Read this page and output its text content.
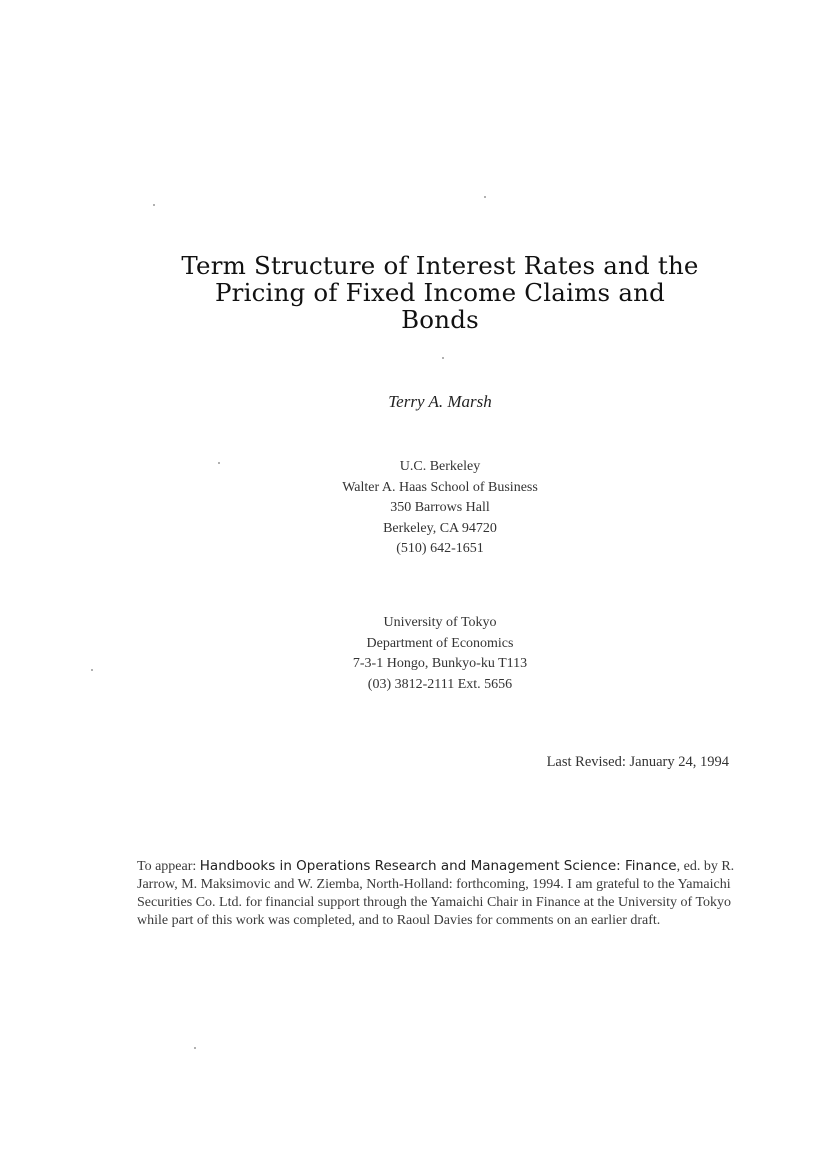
Term Structure of Interest Rates and the
Pricing of Fixed Income Claims and
Bonds
Terry A. Marsh
U.C. Berkeley
Walter A. Haas School of Business
350 Barrows Hall
Berkeley, CA 94720
(510) 642-1651
University of Tokyo
Department of Economics
7-3-1 Hongo, Bunkyo-ku T113
(03) 3812-2111 Ext. 5656
Last Revised: January 24, 1994
To appear: Handbooks in Operations Research and Management Science: Finance, ed. by R. Jarrow, M. Maksimovic and W. Ziemba, North-Holland: forthcoming, 1994. I am grateful to the Yamaichi Securities Co. Ltd. for financial support through the Yamaichi Chair in Finance at the University of Tokyo while part of this work was completed, and to Raoul Davies for comments on an earlier draft.
